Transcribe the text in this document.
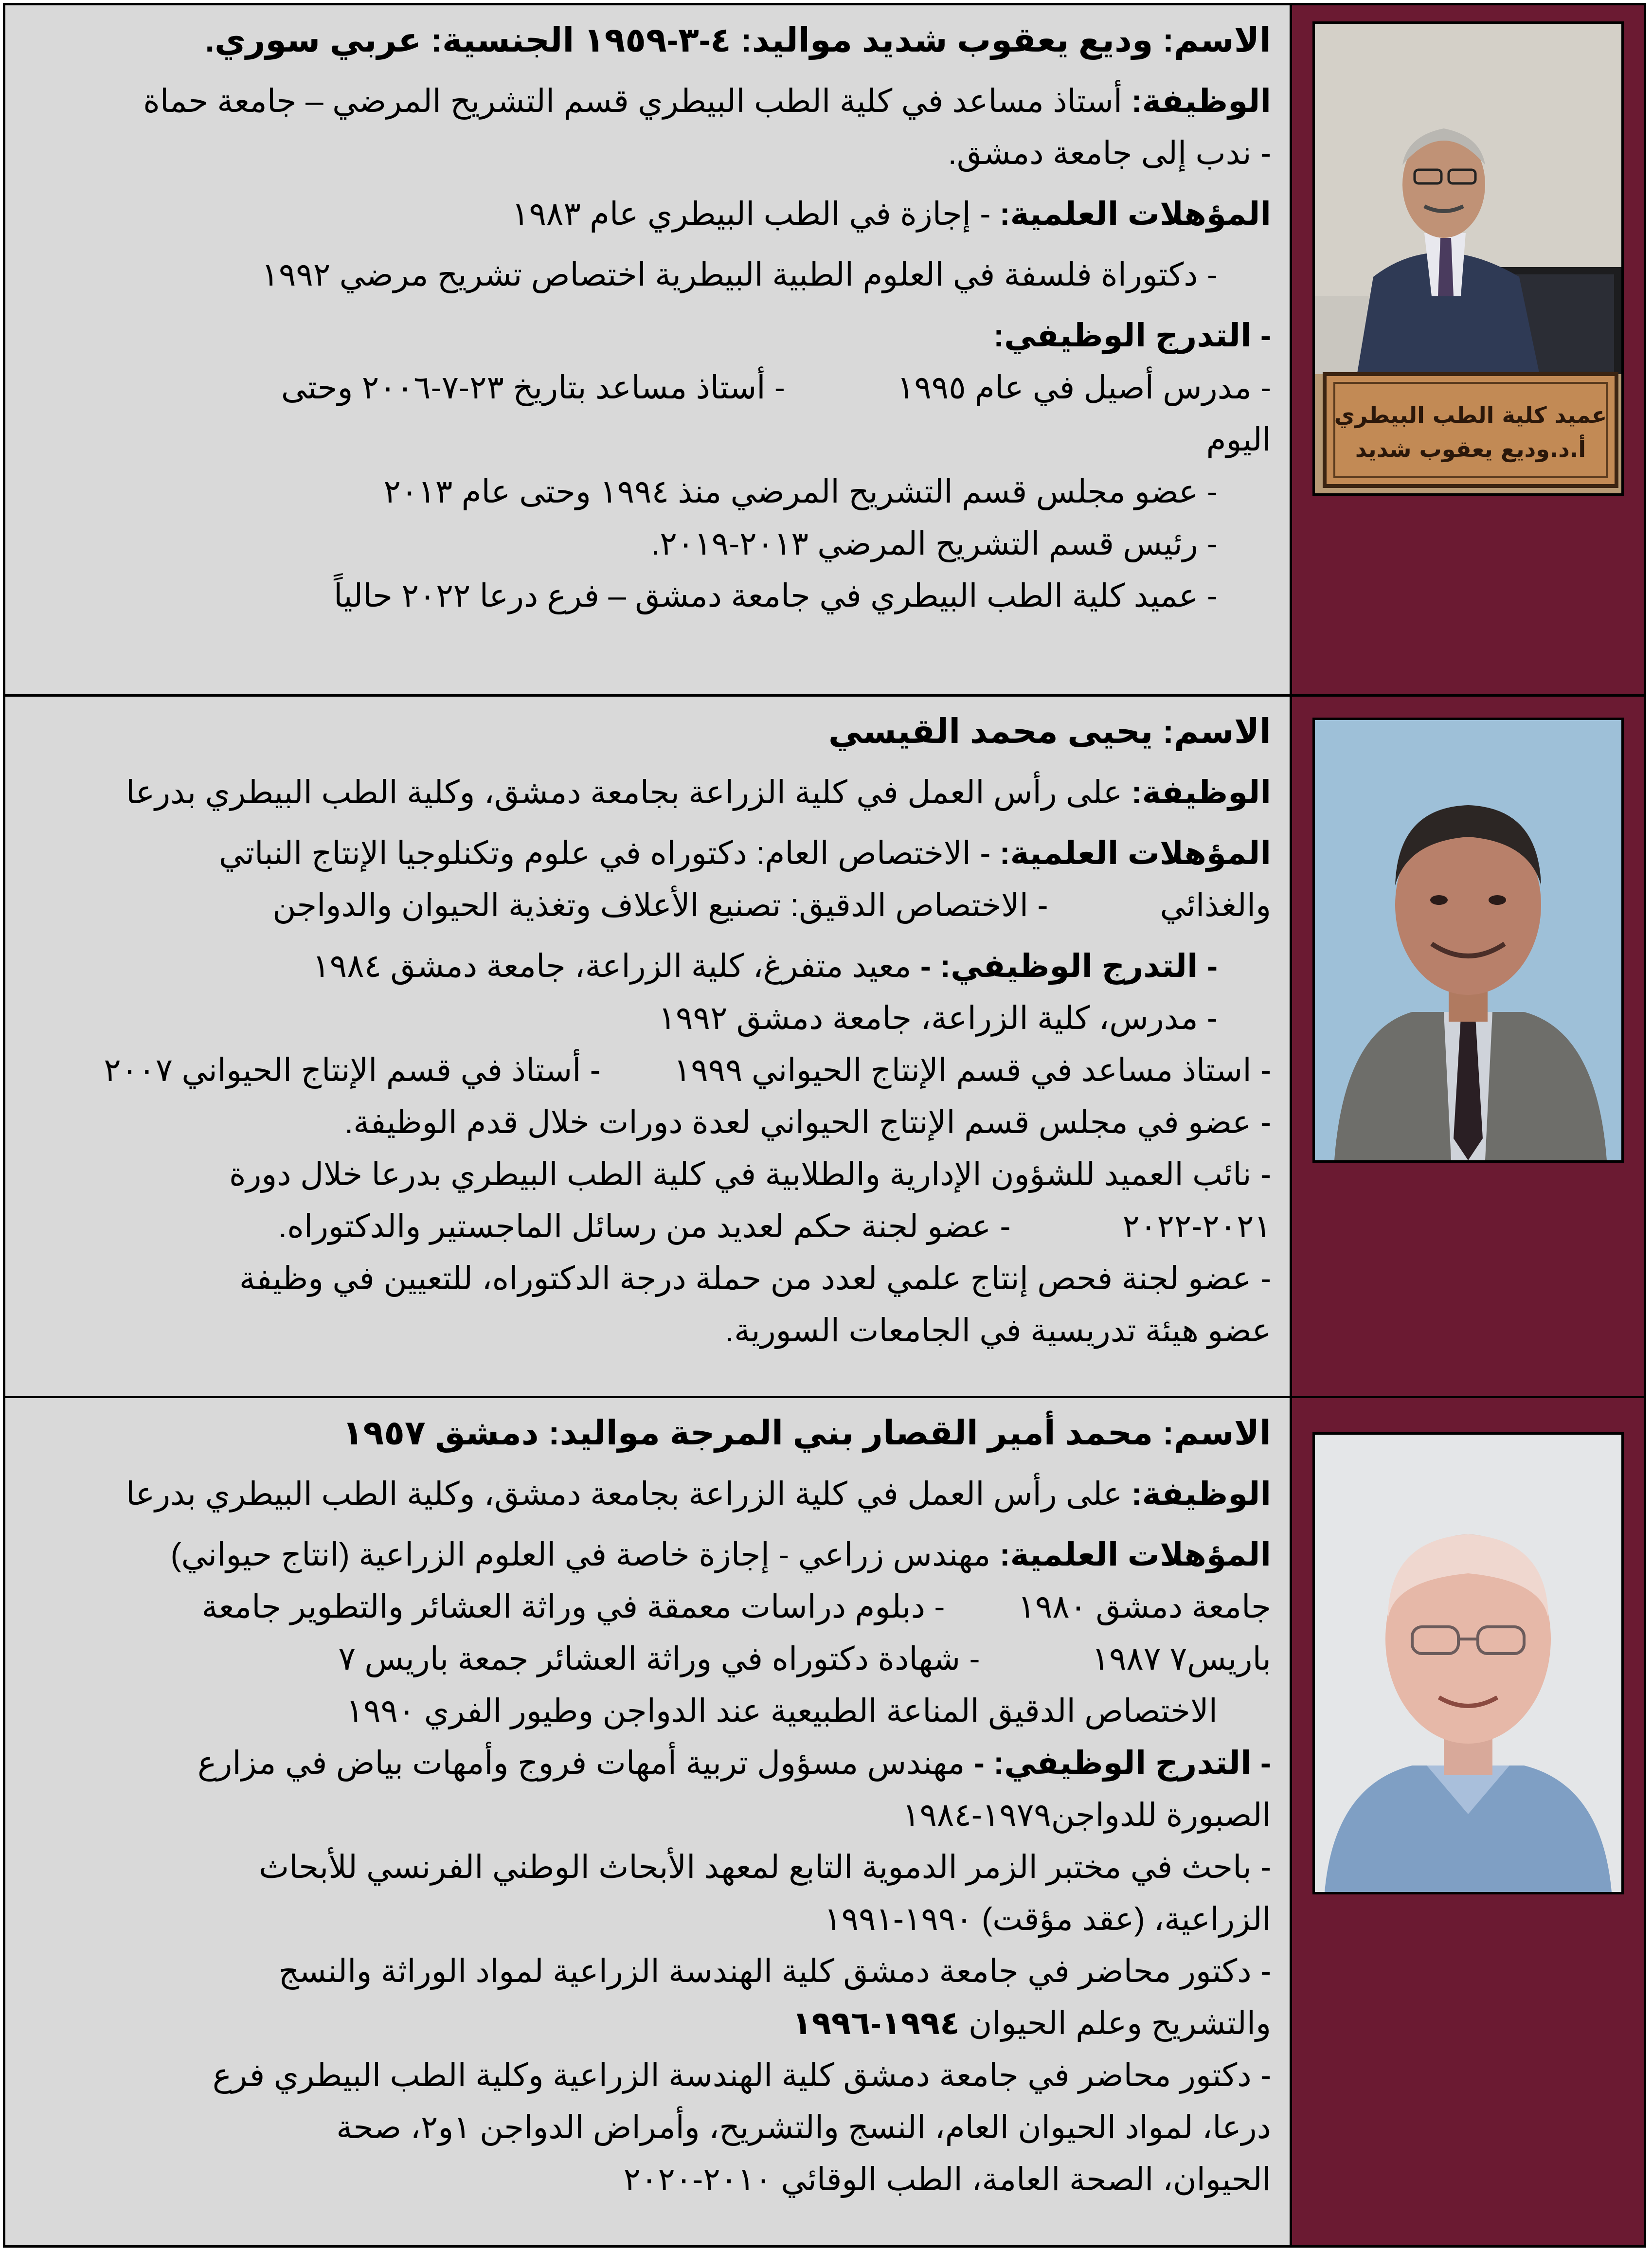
الاسم: وديع يعقوب شديد مواليد: ٤-٣-١٩٥٩ الجنسية: عربي سوري.
الوظيفة: أستاذ مساعد في كلية الطب البيطري قسم التشريح المرضي – جامعة حماة
- ندب إلى جامعة دمشق.
المؤهلات العلمية: - إجازة في الطب البيطري عام ١٩٨٣
- دكتوراة فلسفة في العلوم الطبية البيطرية اختصاص تشريح مرضي ١٩٩٢
- التدرج الوظيفي:
- مدرس أصيل في عام ١٩٩٥- أستاذ مساعد بتاريخ ٢٣-٧-٢٠٠٦ وحتى
اليوم
- عضو مجلس قسم التشريح المرضي منذ ١٩٩٤ وحتى عام ٢٠١٣
- رئيس قسم التشريح المرضي ٢٠١٣-٢٠١٩.
- عميد كلية الطب البيطري في جامعة دمشق – فرع درعا ٢٠٢٢ حالياً
عميد كلية الطب البيطري
أ.د.وديع يعقوب شديد
الاسم: يحيى محمد القيسي
الوظيفة: على رأس العمل في كلية الزراعة بجامعة دمشق، وكلية الطب البيطري بدرعا
المؤهلات العلمية: - الاختصاص العام: دكتوراه في علوم وتكنلوجيا الإنتاج النباتي
والغذائي- الاختصاص الدقيق: تصنيع الأعلاف وتغذية الحيوان والدواجن
- التدرج الوظيفي: - معيد متفرغ، كلية الزراعة، جامعة دمشق ١٩٨٤
- مدرس، كلية الزراعة، جامعة دمشق ١٩٩٢
- استاذ مساعد في قسم الإنتاج الحيواني ١٩٩٩- أستاذ في قسم الإنتاج الحيواني ٢٠٠٧
- عضو في مجلس قسم الإنتاج الحيواني لعدة دورات خلال قدم الوظيفة.
- نائب العميد للشؤون الإدارية والطلابية في كلية الطب البيطري بدرعا خلال دورة
٢٠٢١-٢٠٢٢- عضو لجنة حكم لعديد من رسائل الماجستير والدكتوراه.
- عضو لجنة فحص إنتاج علمي لعدد من حملة درجة الدكتوراه، للتعيين في وظيفة
عضو هيئة تدريسية في الجامعات السورية.
الاسم: محمد أمير القصار بني المرجة مواليد: دمشق ١٩٥٧
الوظيفة: على رأس العمل في كلية الزراعة بجامعة دمشق، وكلية الطب البيطري بدرعا
المؤهلات العلمية: مهندس زراعي - إجازة خاصة في العلوم الزراعية (انتاج حيواني)
جامعة دمشق ١٩٨٠- دبلوم دراسات معمقة في وراثة العشائر والتطوير جامعة
باريس٧ ١٩٨٧- شهادة دكتوراه في وراثة العشائر جمعة باريس ٧
الاختصاص الدقيق المناعة الطبيعية عند الدواجن وطيور الفري ١٩٩٠
- التدرج الوظيفي: - مهندس مسؤول تربية أمهات فروج وأمهات بياض في مزارع
الصبورة للدواجن١٩٧٩-١٩٨٤
- باحث في مختبر الزمر الدموية التابع لمعهد الأبحاث الوطني الفرنسي للأبحاث
الزراعية، (عقد مؤقت) ١٩٩٠-١٩٩١
- دكتور محاضر في جامعة دمشق كلية الهندسة الزراعية لمواد الوراثة والنسج
والتشريح وعلم الحيوان ١٩٩٤-١٩٩٦
- دكتور محاضر في جامعة دمشق كلية الهندسة الزراعية وكلية الطب البيطري فرع
درعا، لمواد الحيوان العام، النسج والتشريح، وأمراض الدواجن ١و٢، صحة
الحيوان، الصحة العامة، الطب الوقائي ٢٠١٠-٢٠٢٠
